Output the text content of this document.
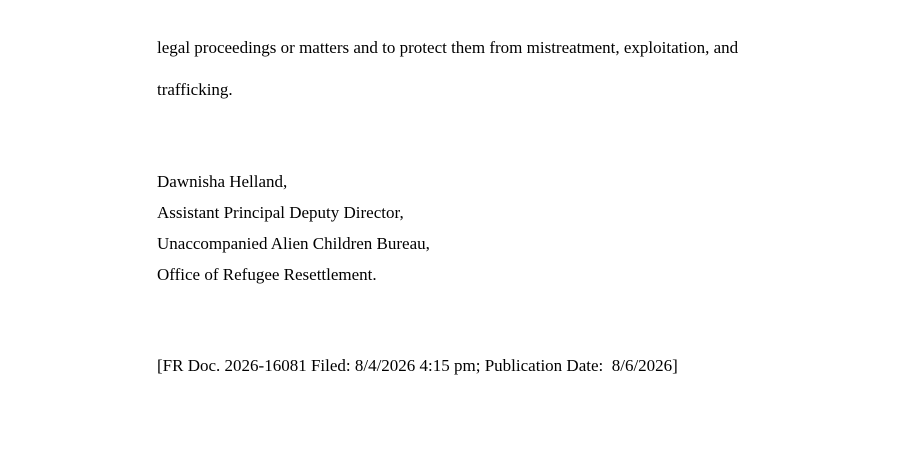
legal proceedings or matters and to protect them from mistreatment, exploitation, and
trafficking.
Dawnisha Helland,
Assistant Principal Deputy Director,
Unaccompanied Alien Children Bureau,
Office of Refugee Resettlement.
[FR Doc. 2026-16081 Filed: 8/4/2026 4:15 pm; Publication Date:  8/6/2026]
